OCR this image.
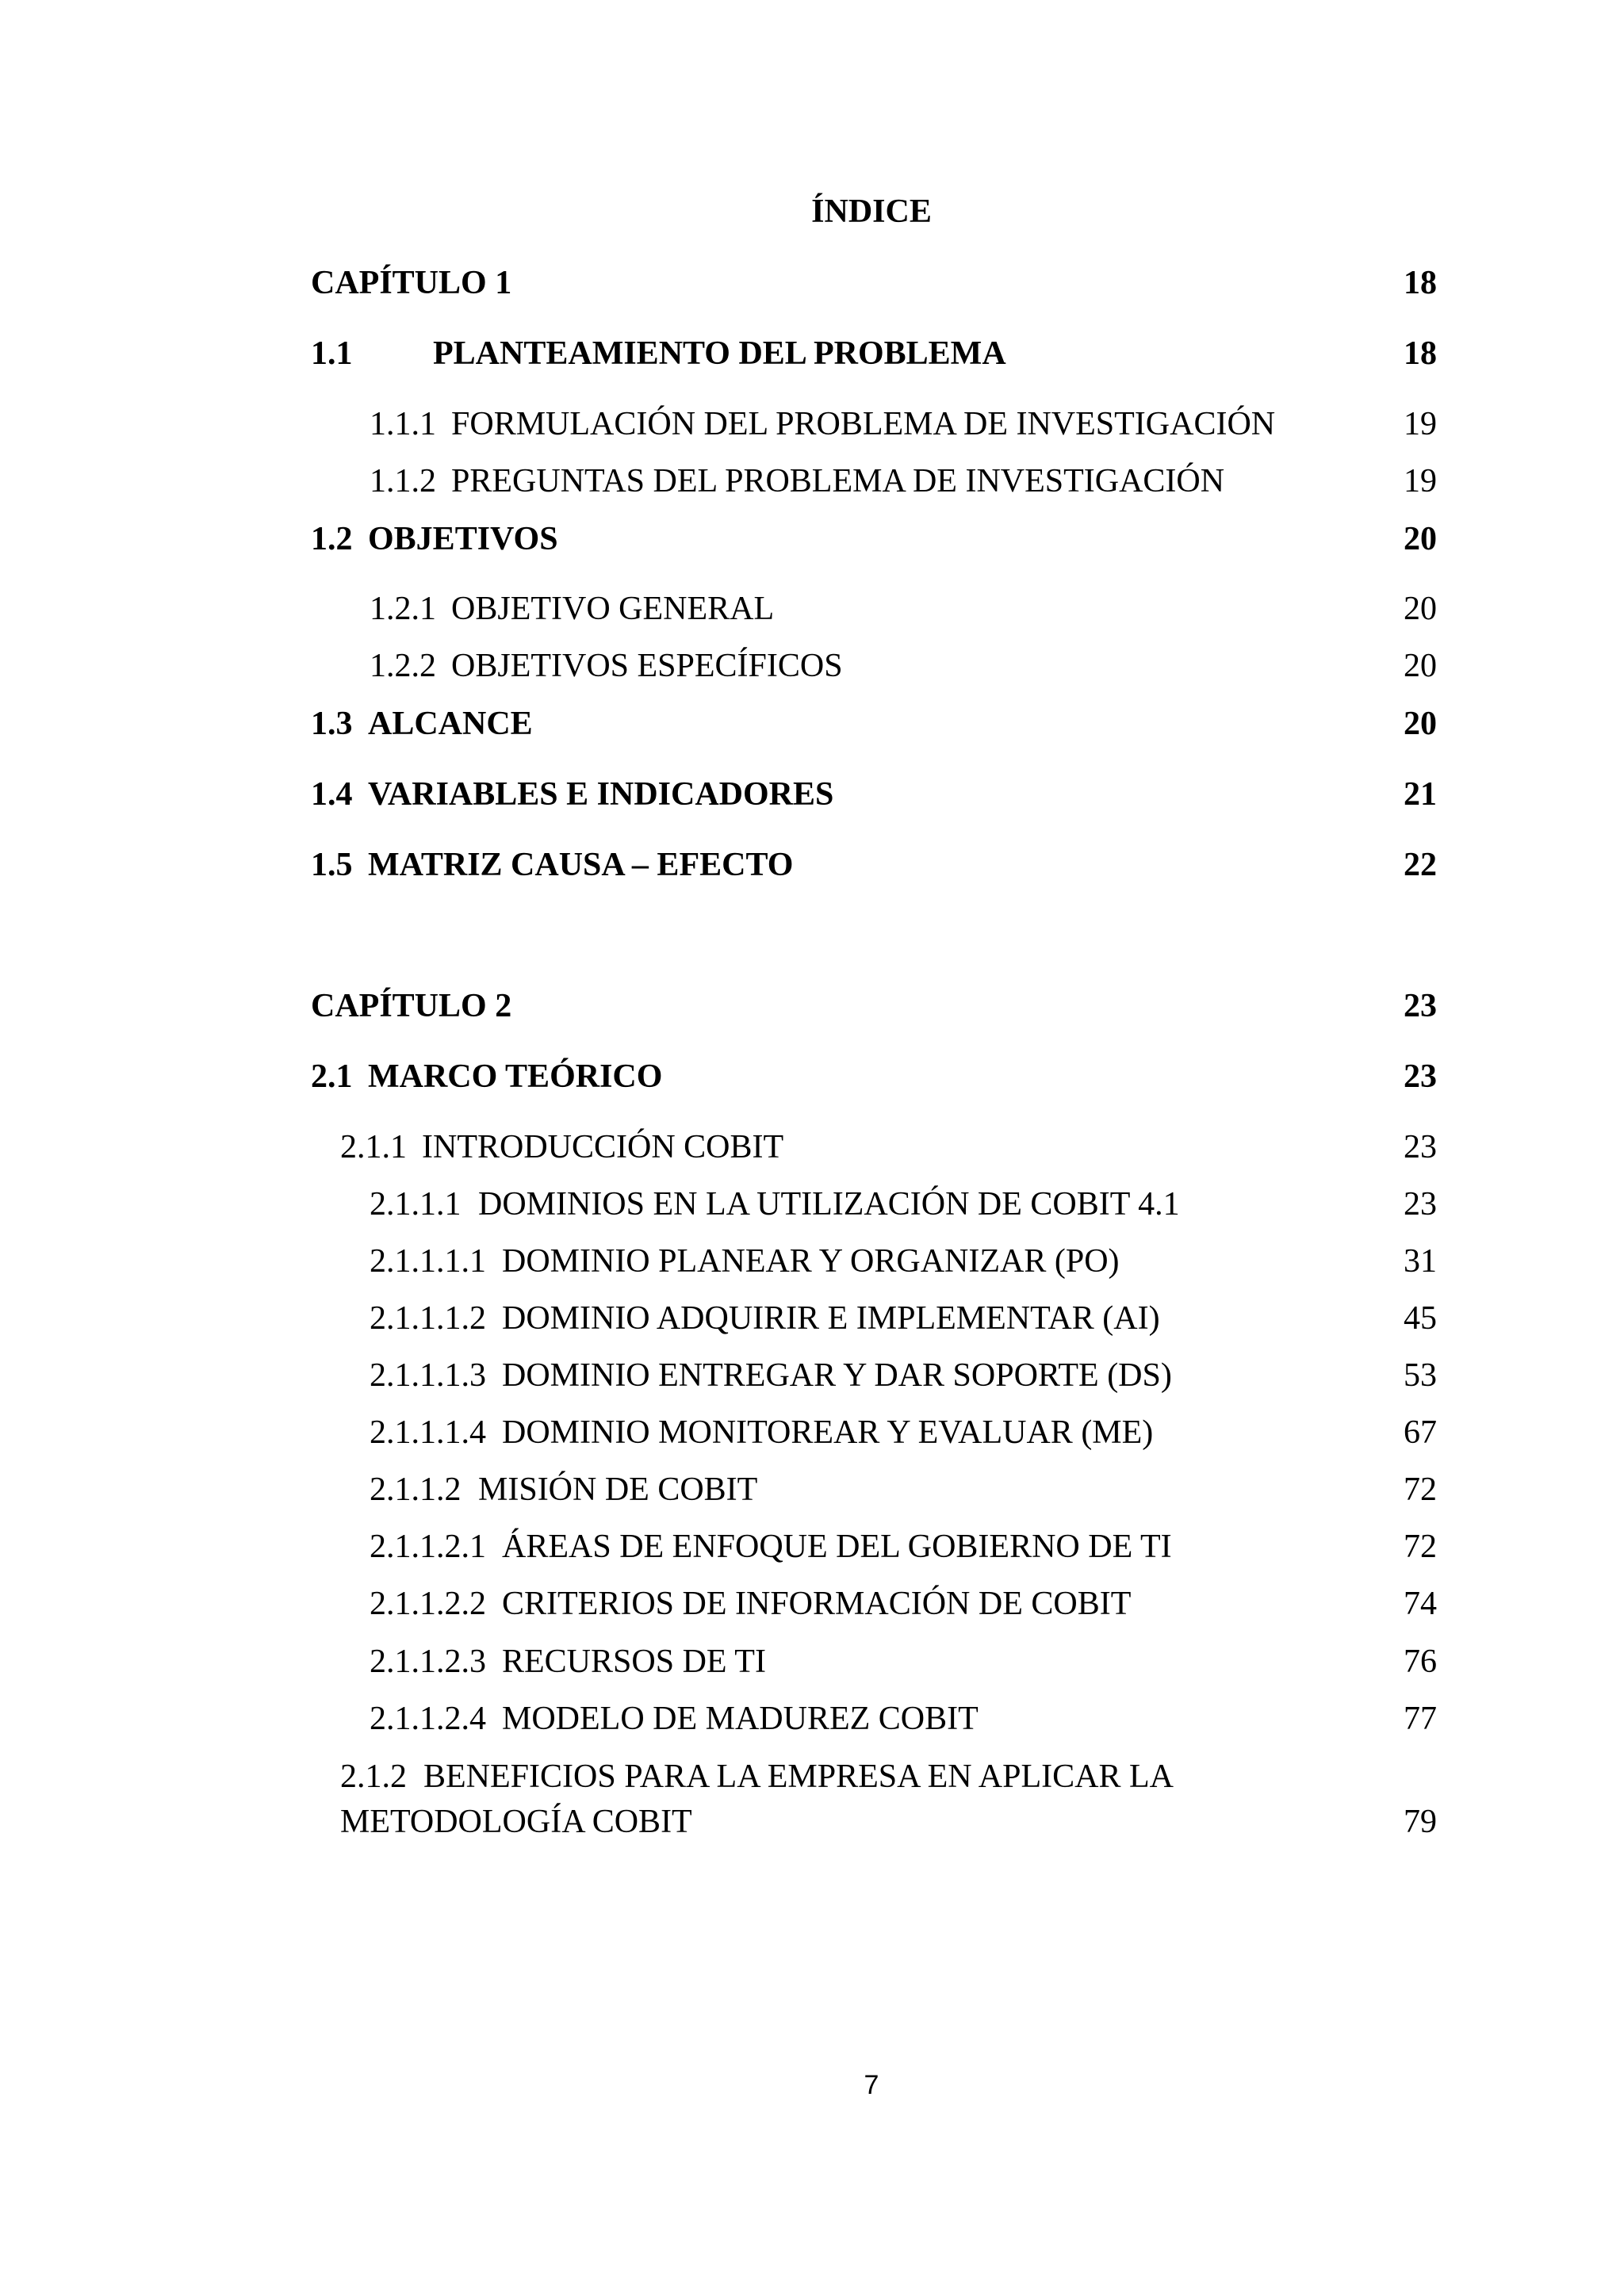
ÍNDICE
CAPÍTULO 1	18
1.1	PLANTEAMIENTO DEL PROBLEMA	18
1.1.1 FORMULACIÓN DEL PROBLEMA DE INVESTIGACIÓN	19
1.1.2 PREGUNTAS DEL PROBLEMA DE INVESTIGACIÓN	19
1.2 OBJETIVOS	20
1.2.1 OBJETIVO GENERAL	20
1.2.2 OBJETIVOS ESPECÍFICOS	20
1.3 ALCANCE	20
1.4 VARIABLES E INDICADORES	21
1.5 MATRIZ CAUSA – EFECTO	22
CAPÍTULO 2	23
2.1 MARCO TEÓRICO	23
2.1.1 INTRODUCCIÓN COBIT	23
2.1.1.1 DOMINIOS EN LA UTILIZACIÓN DE COBIT 4.1	23
2.1.1.1.1 DOMINIO PLANEAR Y ORGANIZAR (PO)	31
2.1.1.1.2 DOMINIO ADQUIRIR E IMPLEMENTAR (AI)	45
2.1.1.1.3 DOMINIO ENTREGAR Y DAR SOPORTE (DS)	53
2.1.1.1.4 DOMINIO MONITOREAR Y EVALUAR (ME)	67
2.1.1.2 MISIÓN DE COBIT	72
2.1.1.2.1 ÁREAS DE ENFOQUE DEL GOBIERNO DE TI	72
2.1.1.2.2 CRITERIOS DE INFORMACIÓN DE COBIT	74
2.1.1.2.3 RECURSOS DE TI	76
2.1.1.2.4 MODELO DE MADUREZ COBIT	77
2.1.2 BENEFICIOS PARA LA EMPRESA EN APLICAR LA METODOLOGÍA COBIT	79
7
